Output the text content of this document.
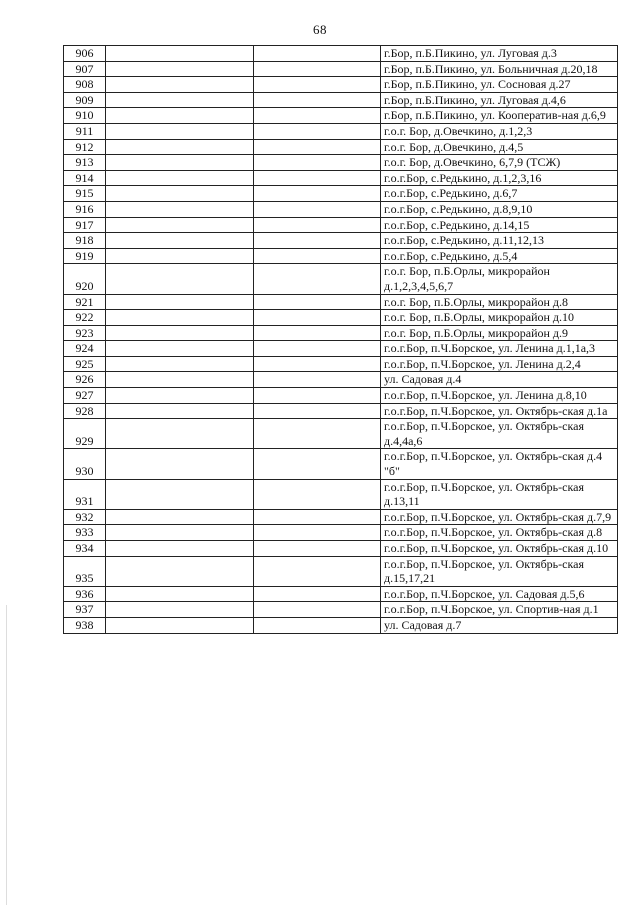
68
906			г.Бор, п.Б.Пикино, ул. Луговая д.3
907			г.Бор, п.Б.Пикино, ул. Больничная д.20,18
908			г.Бор, п.Б.Пикино, ул. Сосновая д.27
909			г.Бор, п.Б.Пикино, ул. Луговая д.4,6
910			г.Бор, п.Б.Пикино, ул. Кооператив-ная д.6,9
911			г.о.г. Бор, д.Овечкино, д.1,2,3
912			г.о.г. Бор, д.Овечкино, д.4,5
913			г.о.г. Бор, д.Овечкино, 6,7,9 (ТСЖ)
914			г.о.г.Бор, с.Редькино, д.1,2,3,16
915			г.о.г.Бор, с.Редькино, д.6,7
916			г.о.г.Бор, с.Редькино, д.8,9,10
917			г.о.г.Бор, с.Редькино, д.14,15
918			г.о.г.Бор, с.Редькино, д.11,12,13
919			г.о.г.Бор, с.Редькино, д.5,4
920			г.о.г. Бор, п.Б.Орлы, микрорайон д.1,2,3,4,5,6,7
921			г.о.г. Бор, п.Б.Орлы, микрорайон д.8
922			г.о.г. Бор, п.Б.Орлы, микрорайон д.10
923			г.о.г. Бор, п.Б.Орлы, микрорайон д.9
924			г.о.г.Бор, п.Ч.Борское, ул. Ленина д.1,1а,3
925			г.о.г.Бор, п.Ч.Борское, ул. Ленина д.2,4
926			ул. Садовая д.4
927			г.о.г.Бор, п.Ч.Борское, ул. Ленина д.8,10
928			г.о.г.Бор, п.Ч.Борское, ул. Октябрь-ская д.1а
929			г.о.г.Бор, п.Ч.Борское, ул. Октябрь-ская д.4,4а,6
930			г.о.г.Бор, п.Ч.Борское, ул. Октябрь-ская д.4 "б"
931			г.о.г.Бор, п.Ч.Борское, ул. Октябрь-ская д.13,11
932			г.о.г.Бор, п.Ч.Борское, ул. Октябрь-ская д.7,9
933			г.о.г.Бор, п.Ч.Борское, ул. Октябрь-ская д.8
934			г.о.г.Бор, п.Ч.Борское, ул. Октябрь-ская д.10
935			г.о.г.Бор, п.Ч.Борское, ул. Октябрь-ская д.15,17,21
936			г.о.г.Бор, п.Ч.Борское, ул. Садовая д.5,6
937			г.о.г.Бор, п.Ч.Борское, ул. Спортив-ная д.1
938			ул. Садовая д.7
